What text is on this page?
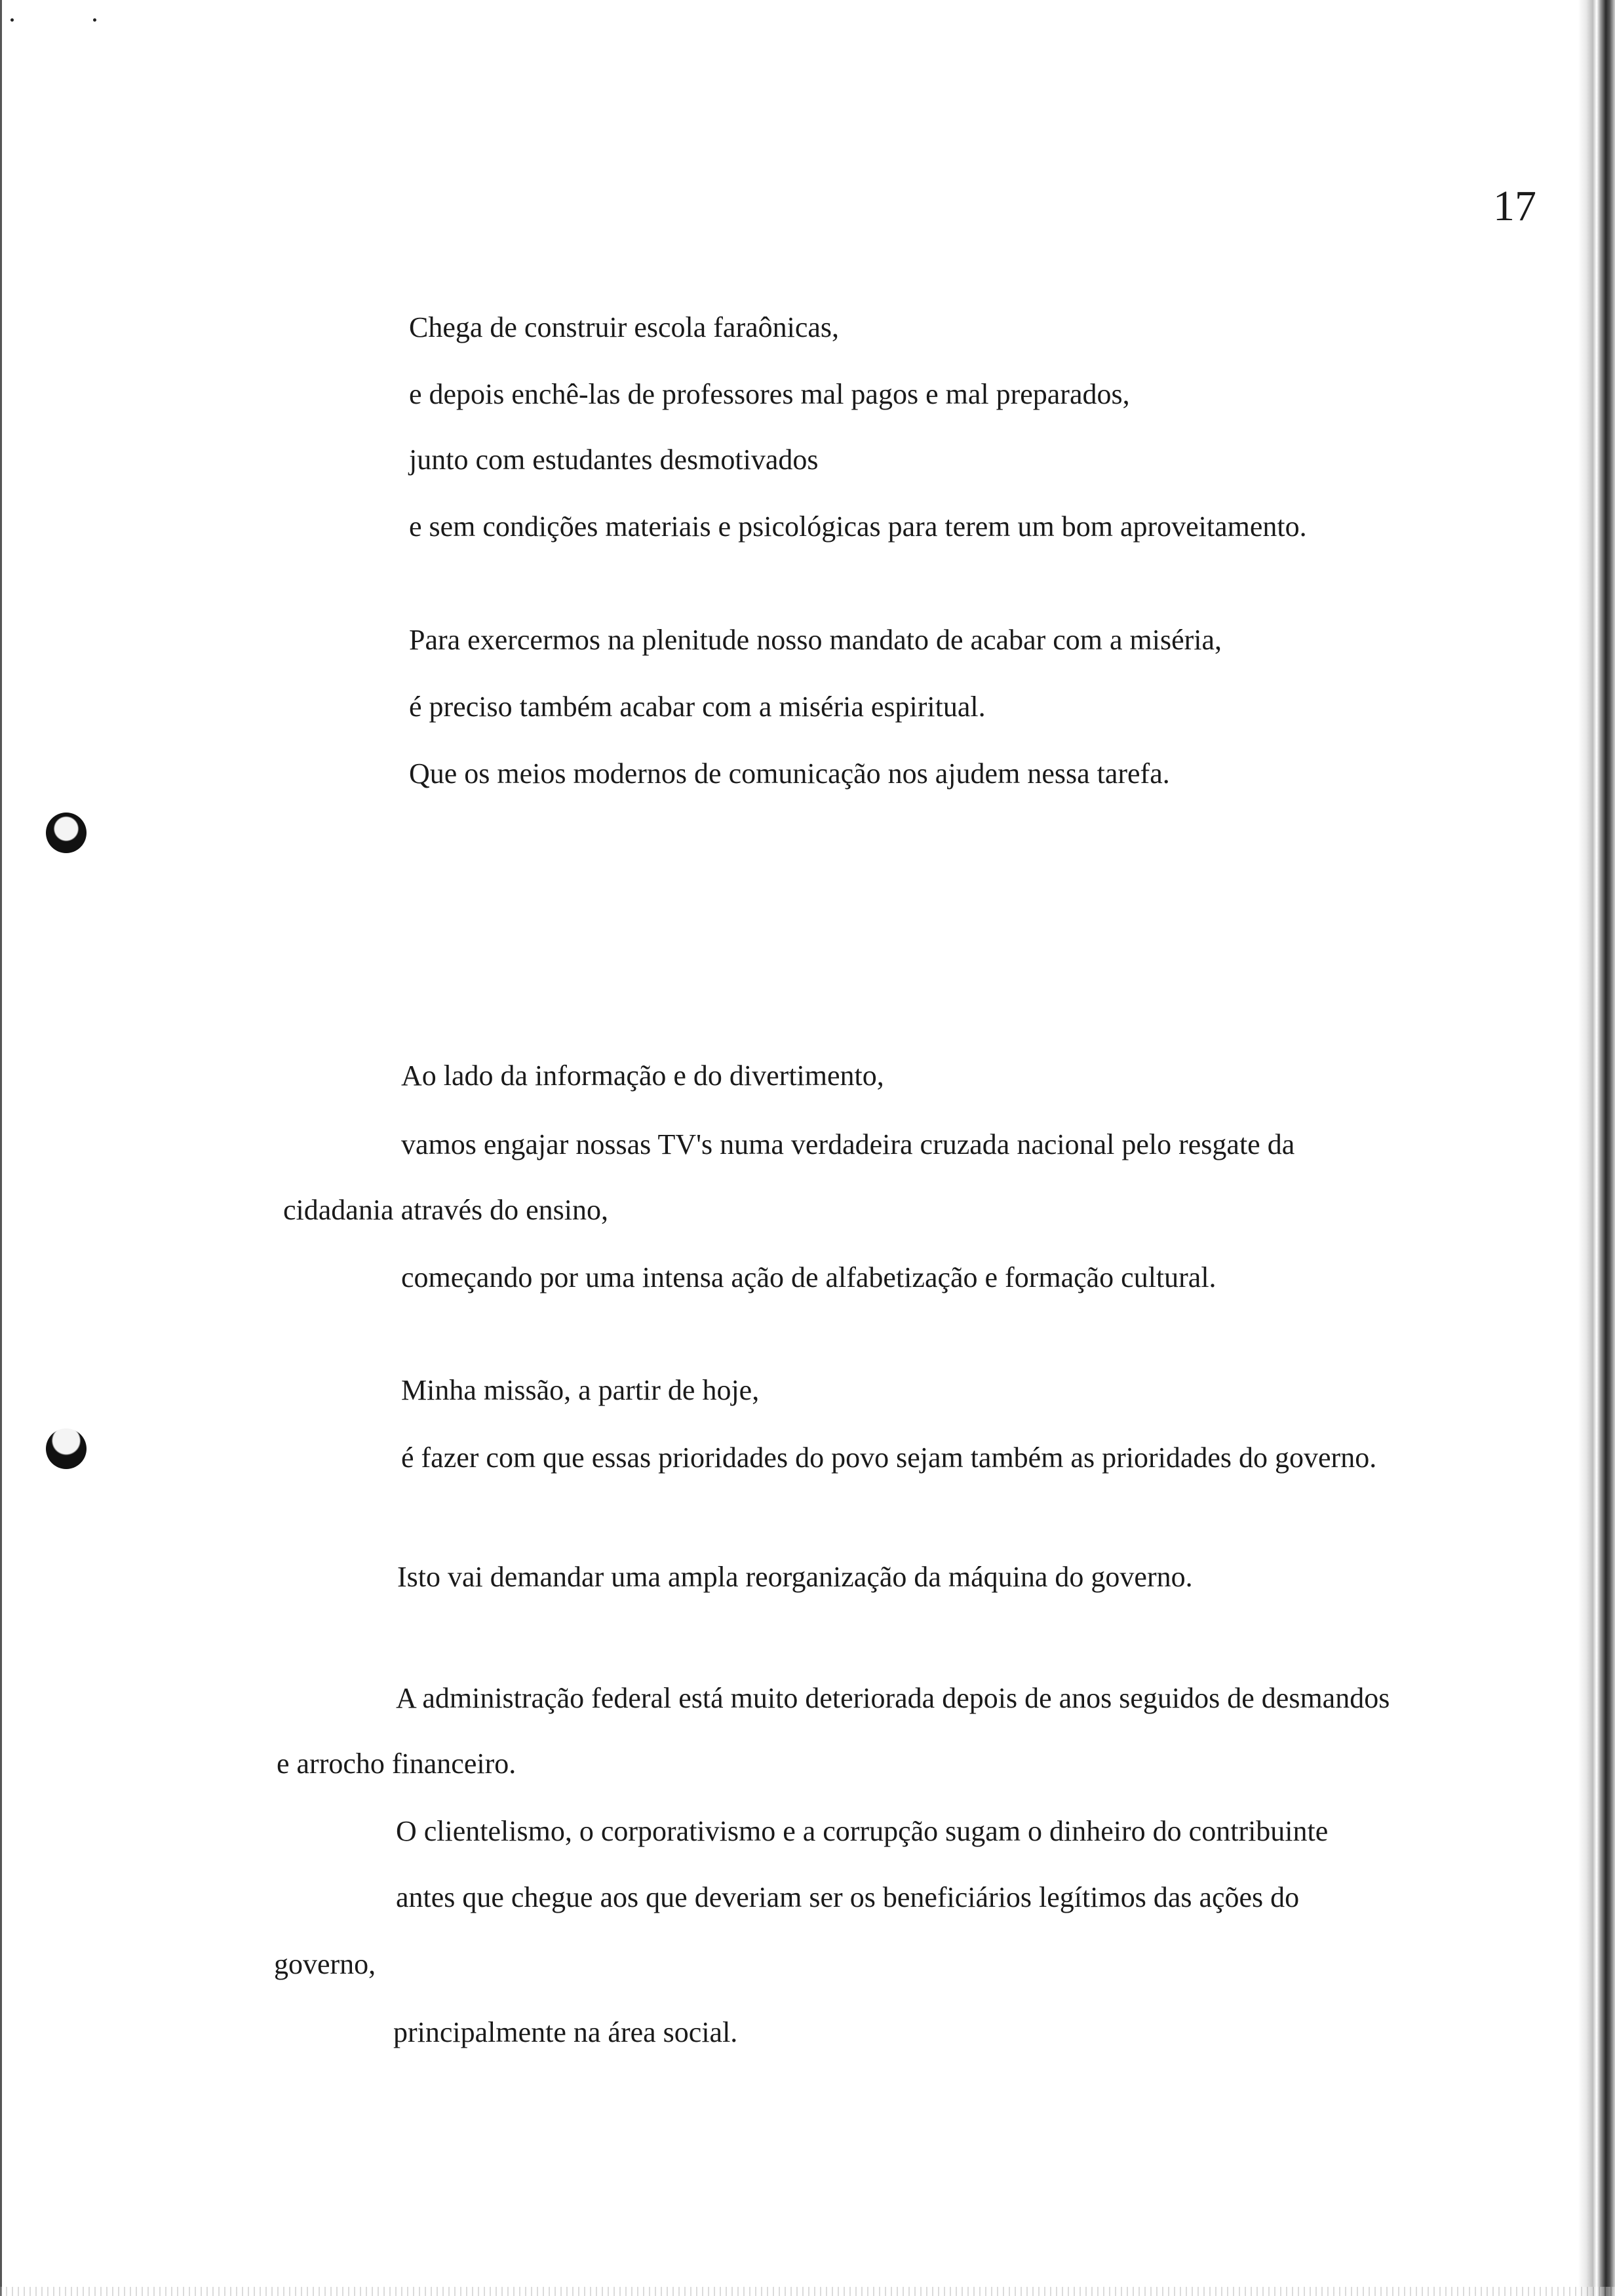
17
Chega de construir escola faraônicas,
e depois enchê-las de professores mal pagos e mal preparados,
junto com estudantes desmotivados
e sem condições materiais e psicológicas para terem um bom aproveitamento.
Para exercermos na plenitude nosso mandato de acabar com a miséria,
é preciso também acabar com a miséria espiritual.
Que os meios modernos de comunicação nos ajudem nessa tarefa.
Ao lado da informação e do divertimento,
vamos engajar nossas TV's numa verdadeira cruzada nacional pelo resgate da
cidadania através do ensino,
começando por uma intensa ação de alfabetização e formação cultural.
Minha missão, a partir de hoje,
é fazer com que essas prioridades do povo sejam também as prioridades do governo.
Isto vai demandar uma ampla reorganização da máquina do governo.
A administração federal está muito deteriorada depois de anos seguidos de desmandos
e arrocho financeiro.
O clientelismo, o corporativismo e a corrupção sugam o dinheiro do contribuinte
antes que chegue aos que deveriam ser os beneficiários legítimos das ações do
governo,
principalmente na área social.
